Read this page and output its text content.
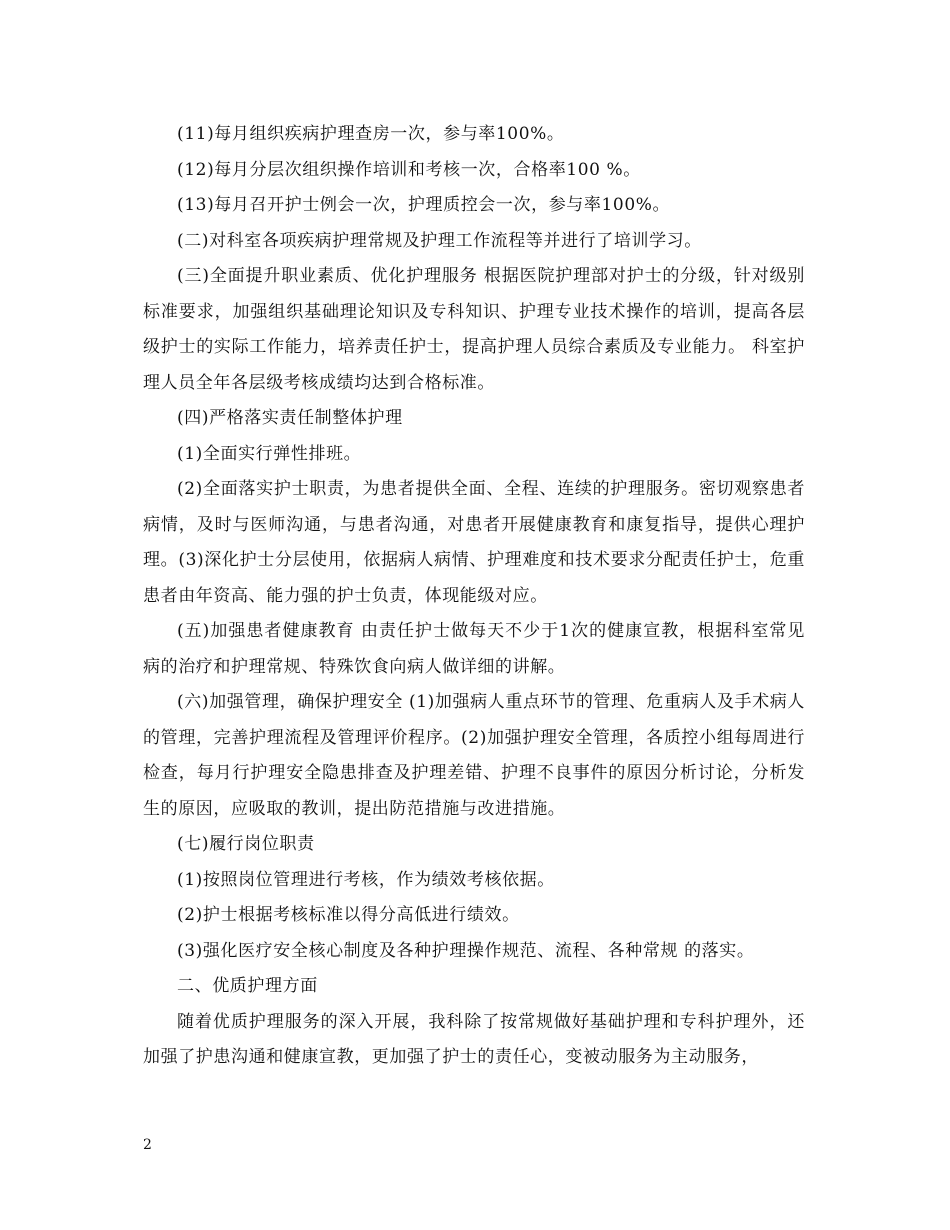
(11)每月组织疾病护理查房一次，参与率100%。

(12)每月分层次组织操作培训和考核一次，合格率100 %。

(13)每月召开护士例会一次，护理质控会一次，参与率100%。

(二)对科室各项疾病护理常规及护理工作流程等并进行了培训学习。

(三)全面提升职业素质、优化护理服务 根据医院护理部对护士的分级，针对级别标准要求，加强组织基础理论知识及专科知识、护理专业技术操作的培训，提高各层级护士的实际工作能力，培养责任护士，提高护理人员综合素质及专业能力。 科室护理人员全年各层级考核成绩均达到合格标准。

(四)严格落实责任制整体护理

(1)全面实行弹性排班。

(2)全面落实护士职责，为患者提供全面、全程、连续的护理服务。密切观察患者病情，及时与医师沟通，与患者沟通，对患者开展健康教育和康复指导，提供心理护理。(3)深化护士分层使用，依据病人病情、护理难度和技术要求分配责任护士，危重患者由年资高、能力强的护士负责，体现能级对应。

(五)加强患者健康教育 由责任护士做每天不少于1次的健康宣教，根据科室常见病的治疗和护理常规、特殊饮食向病人做详细的讲解。

(六)加强管理，确保护理安全 (1)加强病人重点环节的管理、危重病人及手术病人的管理，完善护理流程及管理评价程序。(2)加强护理安全管理，各质控小组每周进行检查，每月行护理安全隐患排查及护理差错、护理不良事件的原因分析讨论，分析发生的原因，应吸取的教训，提出防范措施与改进措施。

(七)履行岗位职责

(1)按照岗位管理进行考核，作为绩效考核依据。

(2)护士根据考核标准以得分高低进行绩效。

(3)强化医疗安全核心制度及各种护理操作规范、流程、各种常规 的落实。

二、优质护理方面

随着优质护理服务的深入开展，我科除了按常规做好基础护理和专科护理外，还加强了护患沟通和健康宣教，更加强了护士的责任心，变被动服务为主动服务，

2
